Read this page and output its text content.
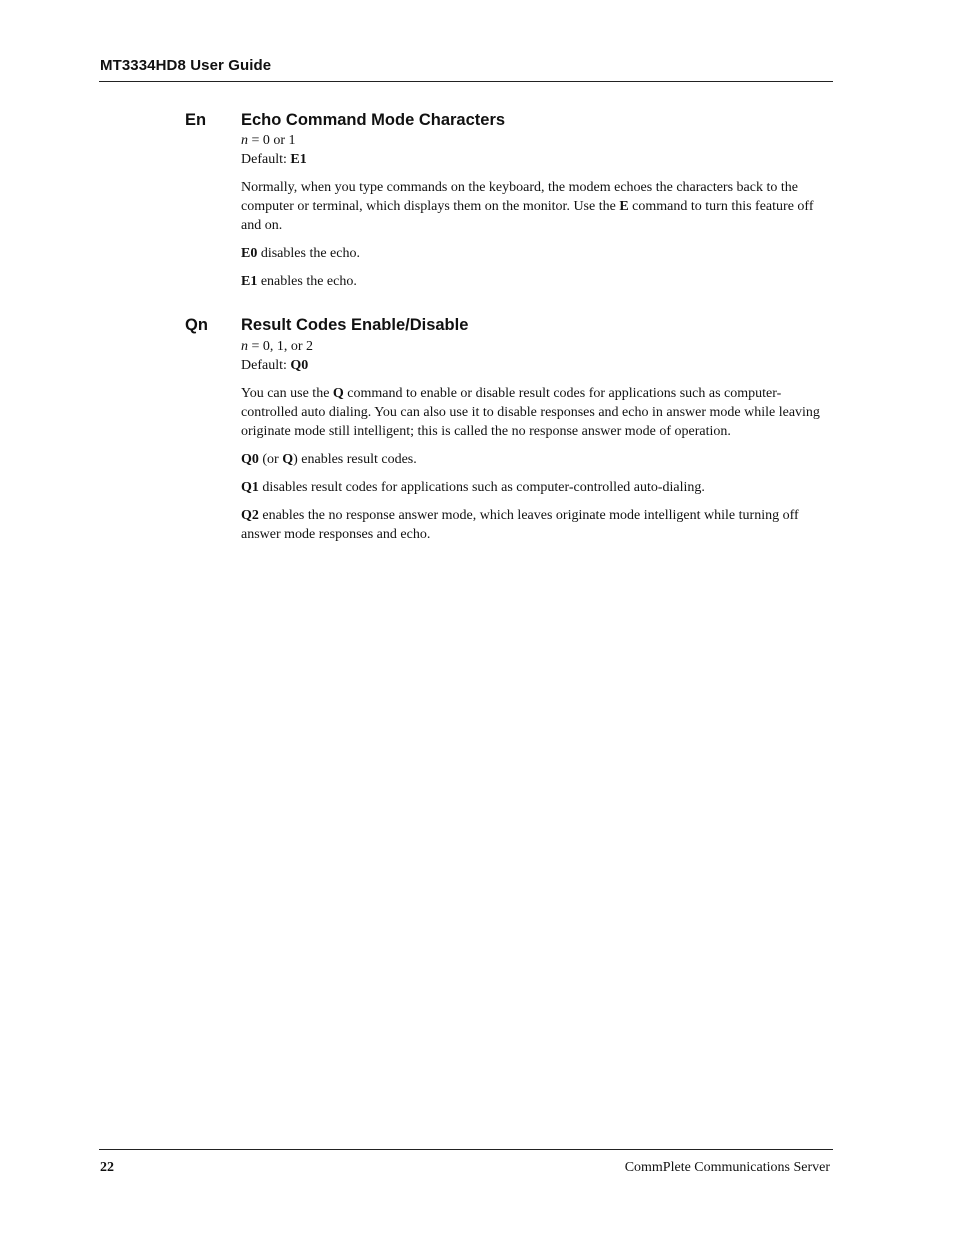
MT3334HD8 User Guide
En Echo Command Mode Characters

n = 0 or 1

Default: E1

Normally, when you type commands on the keyboard, the modem echoes the characters back to the computer or terminal, which displays them on the monitor. Use the E command to turn this feature off and on.

E0 disables the echo.

E1 enables the echo.

Qn Result Codes Enable/Disable

n = 0, 1, or 2

Default: Q0

You can use the Q command to enable or disable result codes for applications such as computer-controlled auto dialing. You can also use it to disable responses and echo in answer mode while leaving originate mode still intelligent; this is called the no response answer mode of operation.

Q0 (or Q) enables result codes.

Q1 disables result codes for applications such as computer-controlled auto-dialing.

Q2 enables the no response answer mode, which leaves originate mode intelligent while turning off answer mode responses and echo.

22	CommPlete Communications Server
